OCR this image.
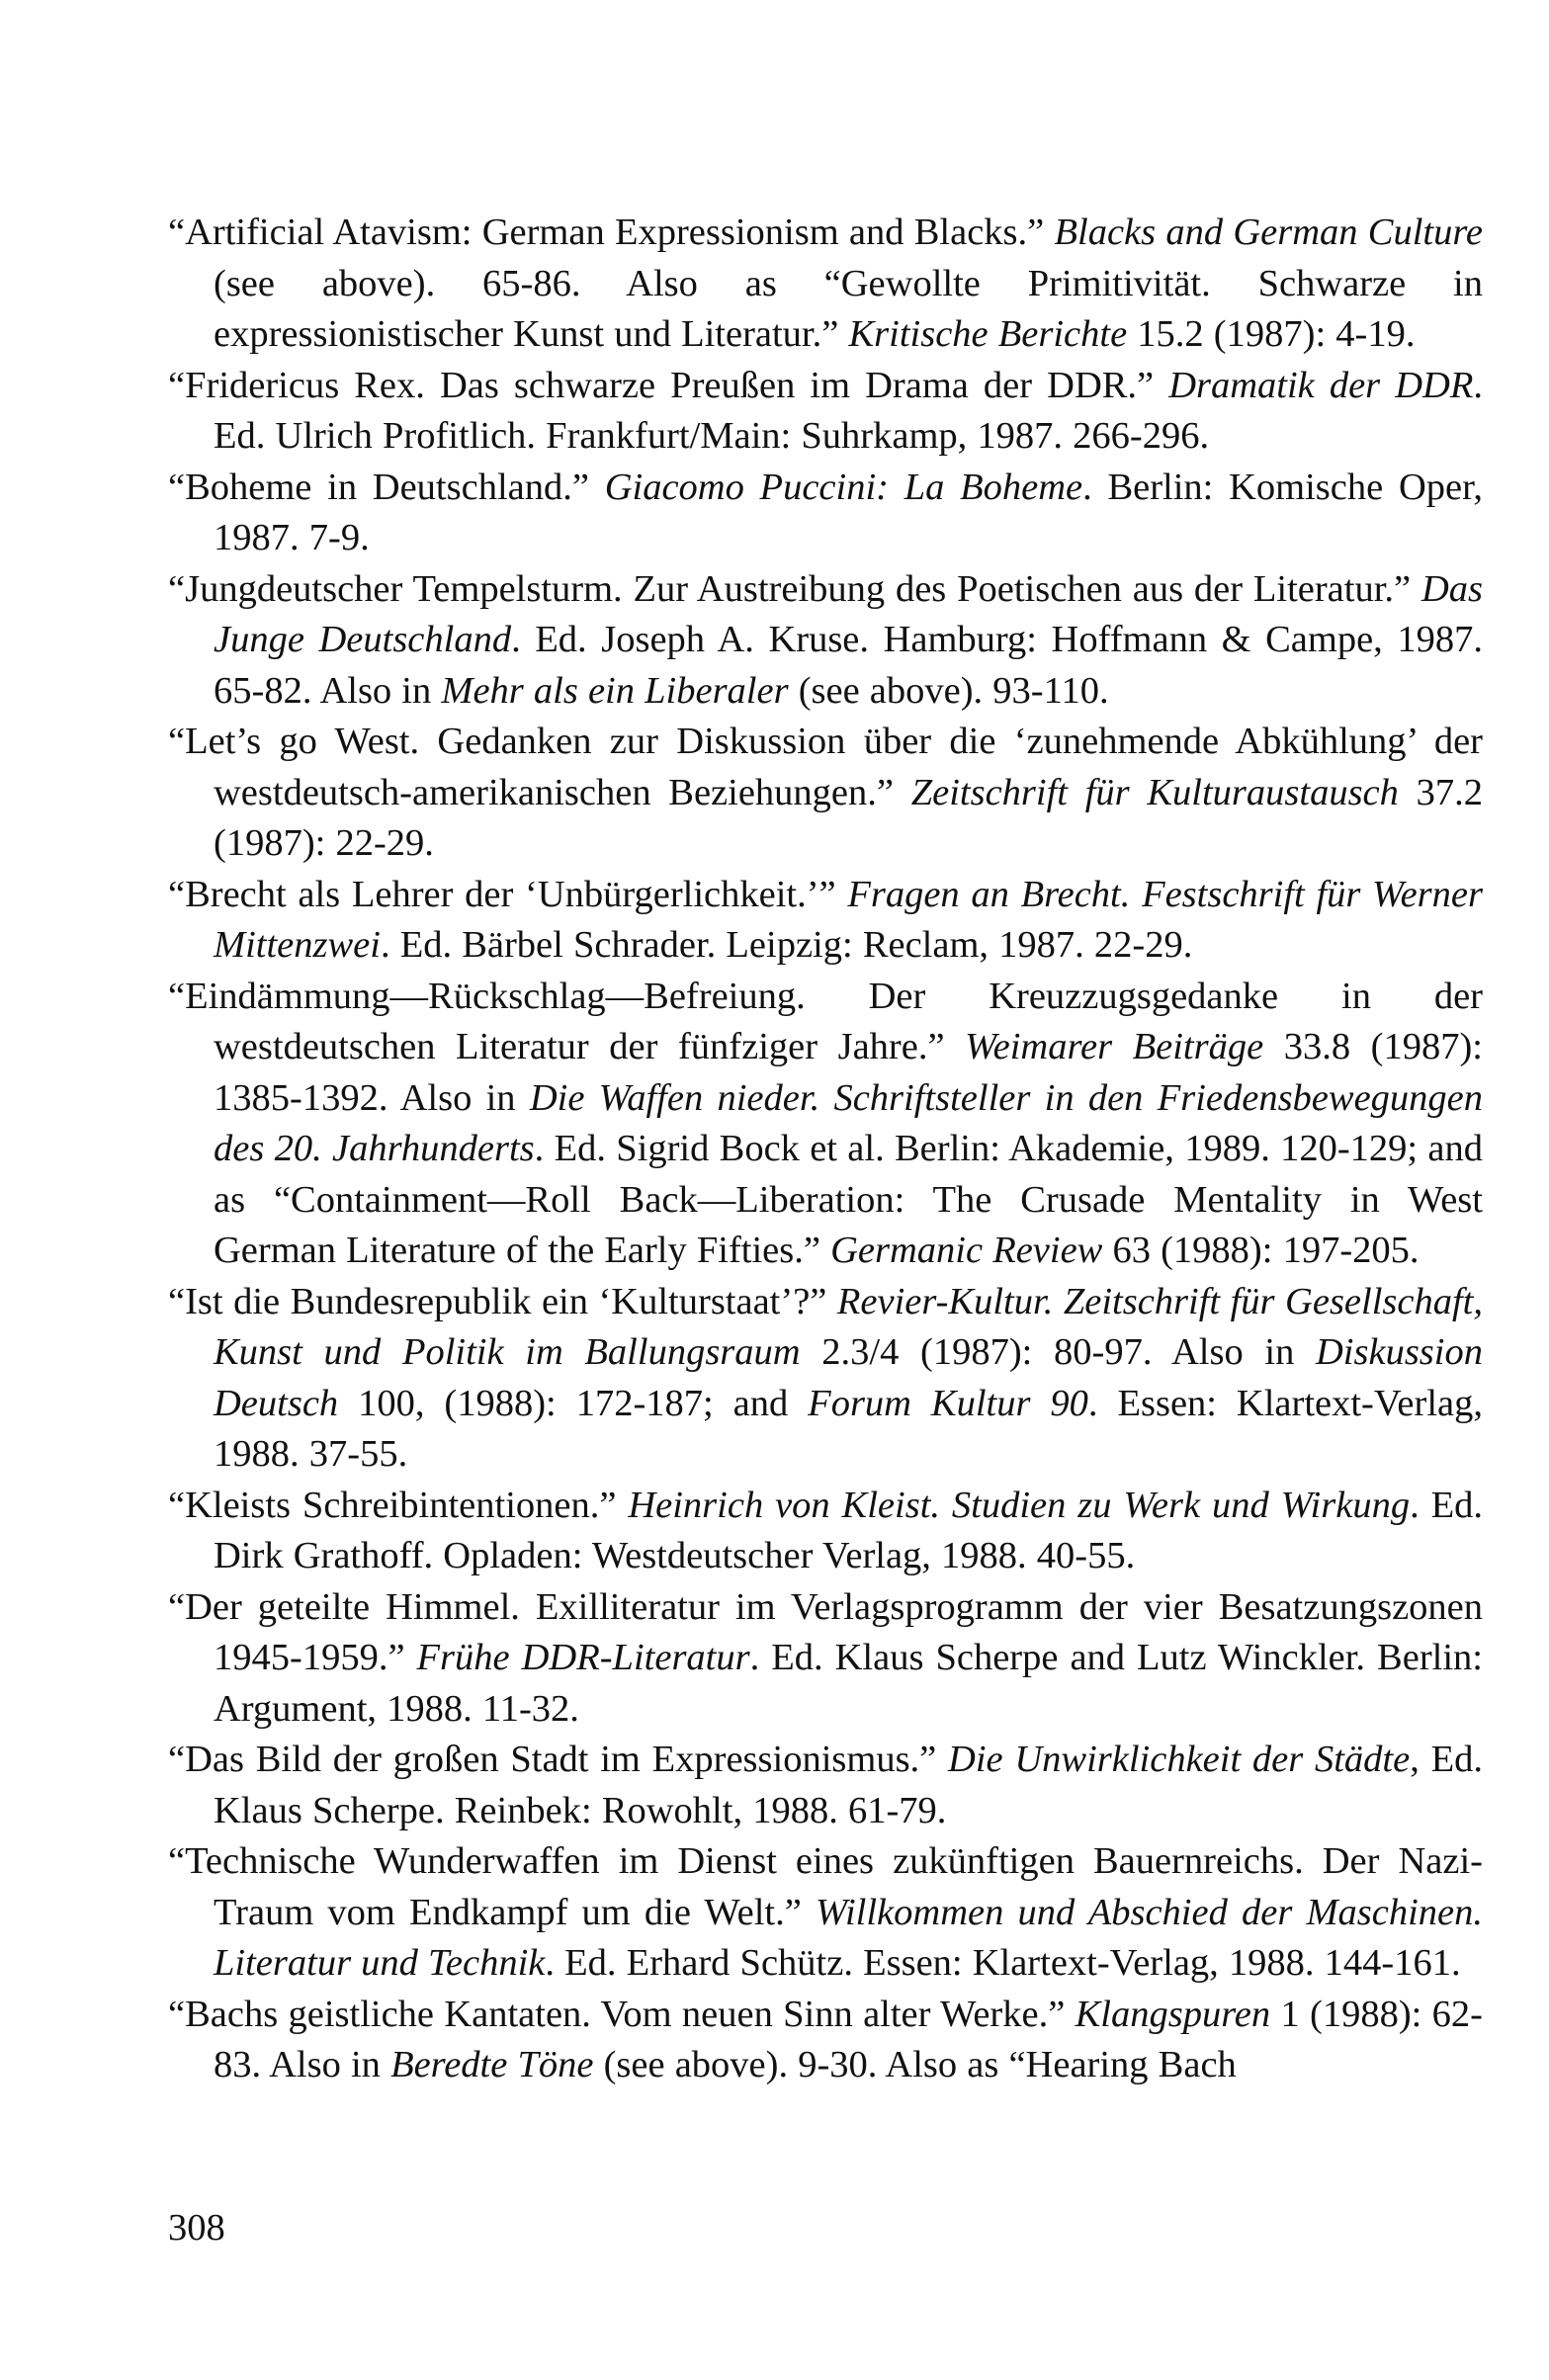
“Artificial Atavism: German Expressionism and Blacks.” Blacks and German Culture (see above). 65-86. Also as “Gewollte Primitivität. Schwarze in expressionistischer Kunst und Literatur.” Kritische Berichte 15.2 (1987): 4-19.
“Fridericus Rex. Das schwarze Preußen im Drama der DDR.” Dramatik der DDR. Ed. Ulrich Profitlich. Frankfurt/Main: Suhrkamp, 1987. 266-296.
“Boheme in Deutschland.” Giacomo Puccini: La Boheme. Berlin: Komische Oper, 1987. 7-9.
“Jungdeutscher Tempelsturm. Zur Austreibung des Poetischen aus der Literatur.” Das Junge Deutschland. Ed. Joseph A. Kruse. Hamburg: Hoffmann & Campe, 1987. 65-82. Also in Mehr als ein Liberaler (see above). 93-110.
“Let’s go West. Gedanken zur Diskussion über die ‘zunehmende Abkühlung’ der westdeutsch-amerikanischen Beziehungen.” Zeitschrift für Kulturaustausch 37.2 (1987): 22-29.
“Brecht als Lehrer der ‘Unbürgerlichkeit.’” Fragen an Brecht. Festschrift für Werner Mittenzwei. Ed. Bärbel Schrader. Leipzig: Reclam, 1987. 22-29.
“Eindämmung—Rückschlag—Befreiung. Der Kreuzzugsgedanke in der westdeutschen Literatur der fünfziger Jahre.” Weimarer Beiträge 33.8 (1987): 1385-1392. Also in Die Waffen nieder. Schriftsteller in den Friedensbewegungen des 20. Jahrhunderts. Ed. Sigrid Bock et al. Berlin: Akademie, 1989. 120-129; and as “Containment—Roll Back—Liberation: The Crusade Mentality in West German Literature of the Early Fifties.” Germanic Review 63 (1988): 197-205.
“Ist die Bundesrepublik ein ‘Kulturstaat’?” Revier-Kultur. Zeitschrift für Gesellschaft, Kunst und Politik im Ballungsraum 2.3/4 (1987): 80-97. Also in Diskussion Deutsch 100, (1988): 172-187; and Forum Kultur 90. Essen: Klartext-Verlag, 1988. 37-55.
“Kleists Schreibintentionen.” Heinrich von Kleist. Studien zu Werk und Wirkung. Ed. Dirk Grathoff. Opladen: Westdeutscher Verlag, 1988. 40-55.
“Der geteilte Himmel. Exilliteratur im Verlagsprogramm der vier Besatzungszonen 1945-1959.” Frühe DDR-Literatur. Ed. Klaus Scherpe and Lutz Winckler. Berlin: Argument, 1988. 11-32.
“Das Bild der großen Stadt im Expressionismus.” Die Unwirklichkeit der Städte, Ed. Klaus Scherpe. Reinbek: Rowohlt, 1988. 61-79.
“Technische Wunderwaffen im Dienst eines zukünftigen Bauernreichs. Der Nazi-Traum vom Endkampf um die Welt.” Willkommen und Abschied der Maschinen. Literatur und Technik. Ed. Erhard Schütz. Essen: Klartext-Verlag, 1988. 144-161.
“Bachs geistliche Kantaten. Vom neuen Sinn alter Werke.” Klangspuren 1 (1988): 62-83. Also in Beredte Töne (see above). 9-30. Also as “Hearing Bach
308
